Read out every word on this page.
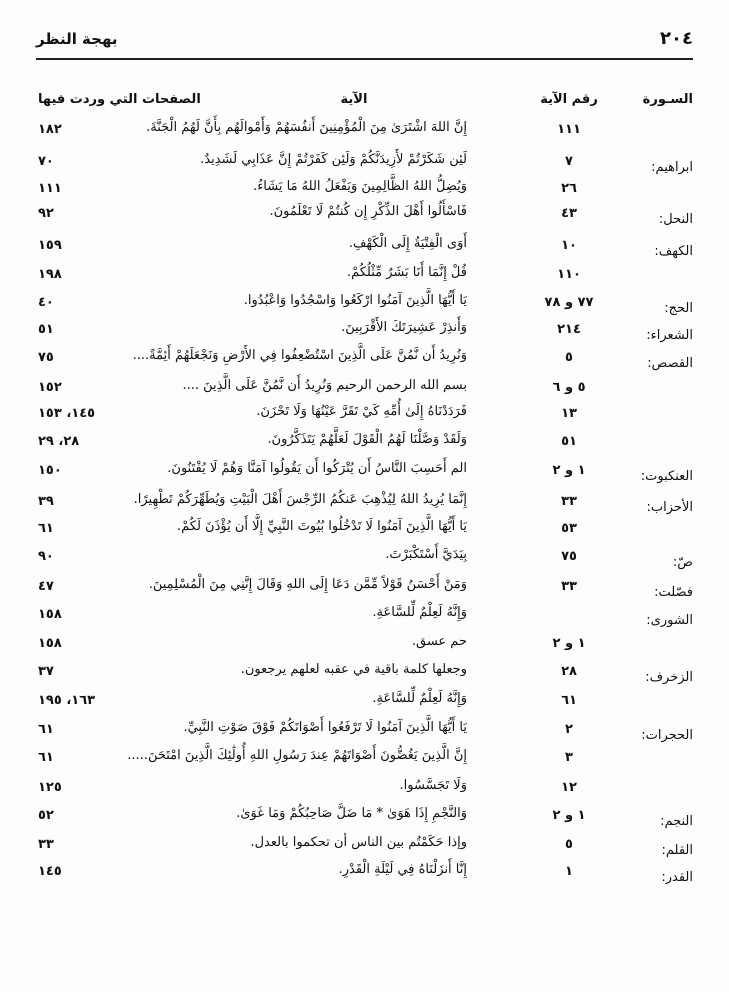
٢٠٤
بهجة النظر
السـورة
رقم الآية
الآية
الصفحات التي وردت فيها
١١١
إِنَّ اللهَ اشْتَرَىٰ مِنَ الْمُؤْمِنِينَ أَنفُسَهُمْ وَأَمْوالَهُم بِأَنَّ لَهُمُ الْجَنَّةَ.
١٨٢
ابراهيم:
٧
لَئِن شَكَرْتُمْ لأَزِيدَنَّكُمْ وَلَئِن كَفَرْتُمْ إِنَّ عَذَابِي لَشَدِيدٌ.
٧٠
٢٦
وَيُضِلُّ اللهُ الظَّالِمِينَ وَيَفْعَلُ اللهُ مَا يَشَاءُ.
١١١
النحل:
٤٣
فَاسْأَلُوا أَهْلَ الذِّكْرِ إِن كُنتُمْ لَا تَعْلَمُونَ.
٩٢
الكهف:
١٠
أَوَى الْفِتْيَةُ إِلَى الْكَهْفِ.
١٥٩
١١٠
قُلْ إِنَّمَا أَنَا بَشَرٌ مِّثْلُكُمْ.
١٩٨
الحج:
٧٧ و ٧٨
يَا أَيُّهَا الَّذِينَ آمَنُوا ارْكَعُوا وَاسْجُدُوا وَاعْبُدُوا.
٤٠
الشعراء:
٢١٤
وَأَنذِرْ عَشِيرَتَكَ الأَقْرَبِينَ.
٥١
القصص:
٥
وَنُرِيدُ أَن نَّمُنَّ عَلَى الَّذِينَ اسْتُضْعِفُوا فِي الأَرْضِ وَنَجْعَلَهُمْ أَئِمَّةً....
٧٥
٥ و ٦
بسم الله الرحمن الرحيم وَنُرِيدُ أَن نَّمُنَّ عَلَى الَّذِينَ ....
١٥٢
١٣
فَرَدَدْنَاهُ إِلَىٰ أُمِّهِ كَيْ تَقَرَّ عَيْنُهَا وَلَا تَحْزَنَ.
١٤٥، ١٥٣
٥١
وَلَقَدْ وَصَّلْنَا لَهُمُ الْقَوْلَ لَعَلَّهُمْ يَتَذَكَّرُونَ.
٢٨، ٢٩
العنكبوت:
١ و ٢
الم أَحَسِبَ النَّاسُ أَن يُتْرَكُوا أَن يَقُولُوا آمَنَّا وَهُمْ لَا يُفْتَنُونَ.
١٥٠
الأحزاب:
٣٣
إِنَّمَا يُرِيدُ اللهُ لِيُذْهِبَ عَنكُمُ الرِّجْسَ أَهْلَ الْبَيْتِ وَيُطَهِّرَكُمْ تَطْهِيرًا.
٣٩
٥٣
يَا أَيُّهَا الَّذِينَ آمَنُوا لَا تَدْخُلُوا بُيُوتَ النَّبِيِّ إِلَّا أَن يُؤْذَنَ لَكُمْ.
٦١
صّ:
٧٥
بِيَدَيَّ أَسْتَكْبَرْتَ.
٩٠
فصّلت:
٣٣
وَمَنْ أَحْسَنُ قَوْلاً مِّمَّن دَعَا إِلَى اللهِ وَقَالَ إِنَّنِي مِنَ الْمُسْلِمِينَ.
٤٧
الشورى:
وَإِنَّهُ لَعِلْمٌ لِّلسَّاعَةِ.
١٥٨
١ و ٢
حم عسق.
١٥٨
الزخرف:
٢٨
وجعلها كلمة باقية في عقبه لعلهم يرجعون.
٣٧
٦١
وَإِنَّهُ لَعِلْمٌ لِّلسَّاعَةِ.
١٦٣، ١٩٥
الحجرات:
٢
يَا أَيُّهَا الَّذِينَ آمَنُوا لَا تَرْفَعُوا أَصْوَاتَكُمْ فَوْقَ صَوْتِ النَّبِيِّ.
٦١
٣
إِنَّ الَّذِينَ يَغُضُّونَ أَصْوَاتَهُمْ عِندَ رَسُولِ اللهِ أُولَٰئِكَ الَّذِينَ امْتَحَنَ.....
٦١
١٢
وَلَا تَجَسَّسُوا.
١٢٥
النجم:
١ و ٢
وَالنَّجْمِ إِذَا هَوَىٰ * مَا ضَلَّ صَاحِبُكُمْ وَمَا غَوَىٰ.
٥٢
القلم:
٥
وإذا حَكَمْتُم بين الناس أن تحكموا بالعدل.
٣٣
القدر:
١
إِنَّا أَنزَلْنَاهُ فِي لَيْلَةِ الْقَدْرِ.
١٤٥
